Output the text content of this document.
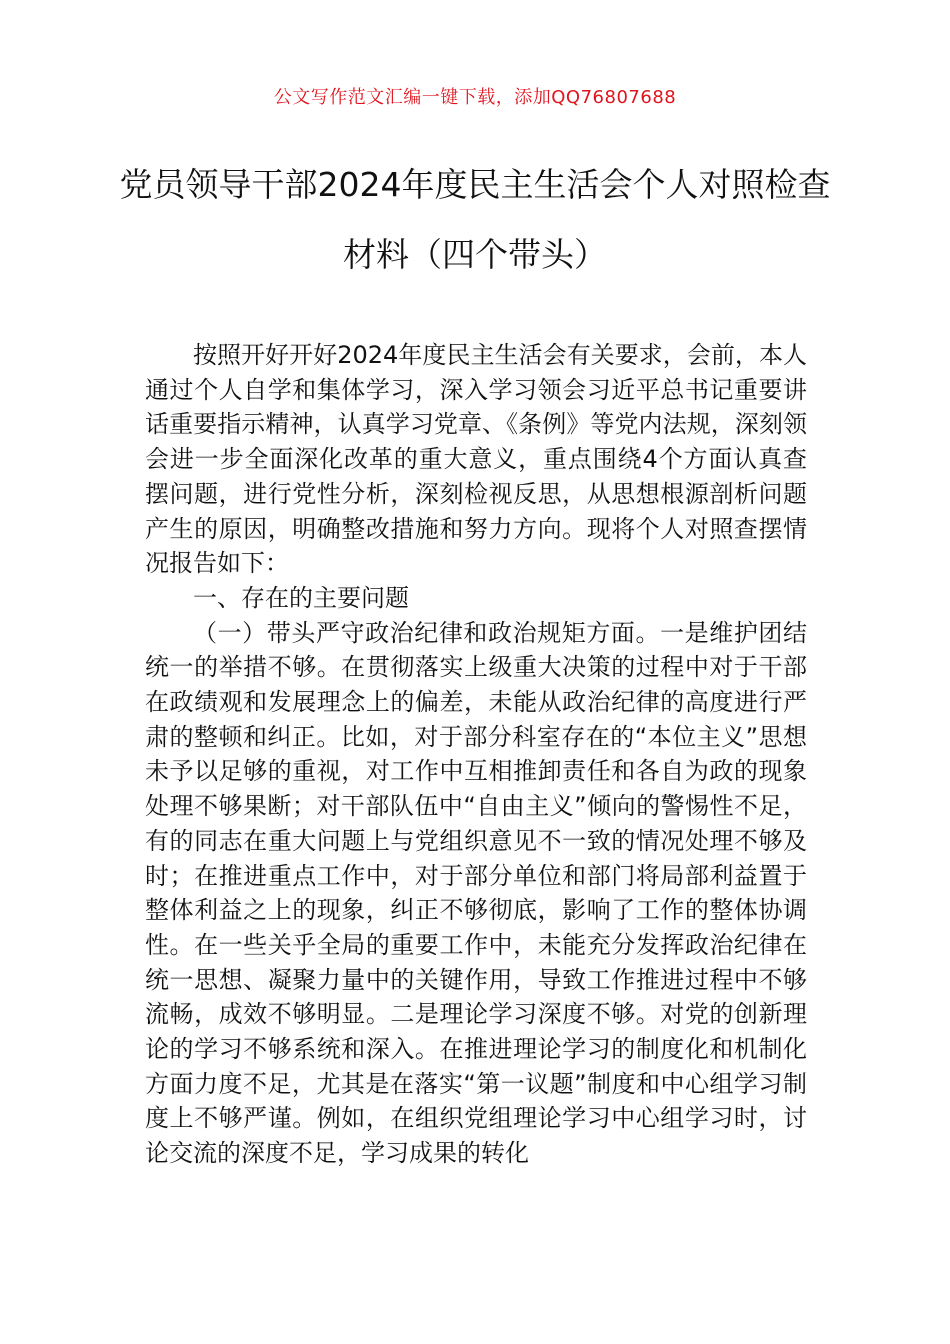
公文写作范文汇编一键下载，添加QQ76807688
党员领导干部2024年度民主生活会个人对照检查材料（四个带头）

按照开好开好2024年度民主生活会有关要求，会前，本人通过个人自学和集体学习，深入学习领会习近平总书记重要讲话重要指示精神，认真学习党章、《条例》等党内法规，深刻领会进一步全面深化改革的重大意义，重点围绕4个方面认真查摆问题，进行党性分析，深刻检视反思，从思想根源剖析问题产生的原因，明确整改措施和努力方向。现将个人对照查摆情况报告如下：

一、存在的主要问题

（一）带头严守政治纪律和政治规矩方面。一是维护团结统一的举措不够。在贯彻落实上级重大决策的过程中对于干部在政绩观和发展理念上的偏差，未能从政治纪律的高度进行严肃的整顿和纠正。比如，对于部分科室存在的“本位主义”思想未予以足够的重视，对工作中互相推卸责任和各自为政的现象处理不够果断；对干部队伍中“自由主义”倾向的警惕性不足，有的同志在重大问题上与党组织意见不一致的情况处理不够及时；在推进重点工作中，对于部分单位和部门将局部利益置于整体利益之上的现象，纠正不够彻底，影响了工作的整体协调性。在一些关乎全局的重要工作中，未能充分发挥政治纪律在统一思想、凝聚力量中的关键作用，导致工作推进过程中不够流畅，成效不够明显。二是理论学习深度不够。对党的创新理论的学习不够系统和深入。在推进理论学习的制度化和机制化方面力度不足，尤其是在落实“第一议题”制度和中心组学习制度上不够严谨。例如，在组织党组理论学习中心组学习时，讨论交流的深度不足，学习成果的转化
